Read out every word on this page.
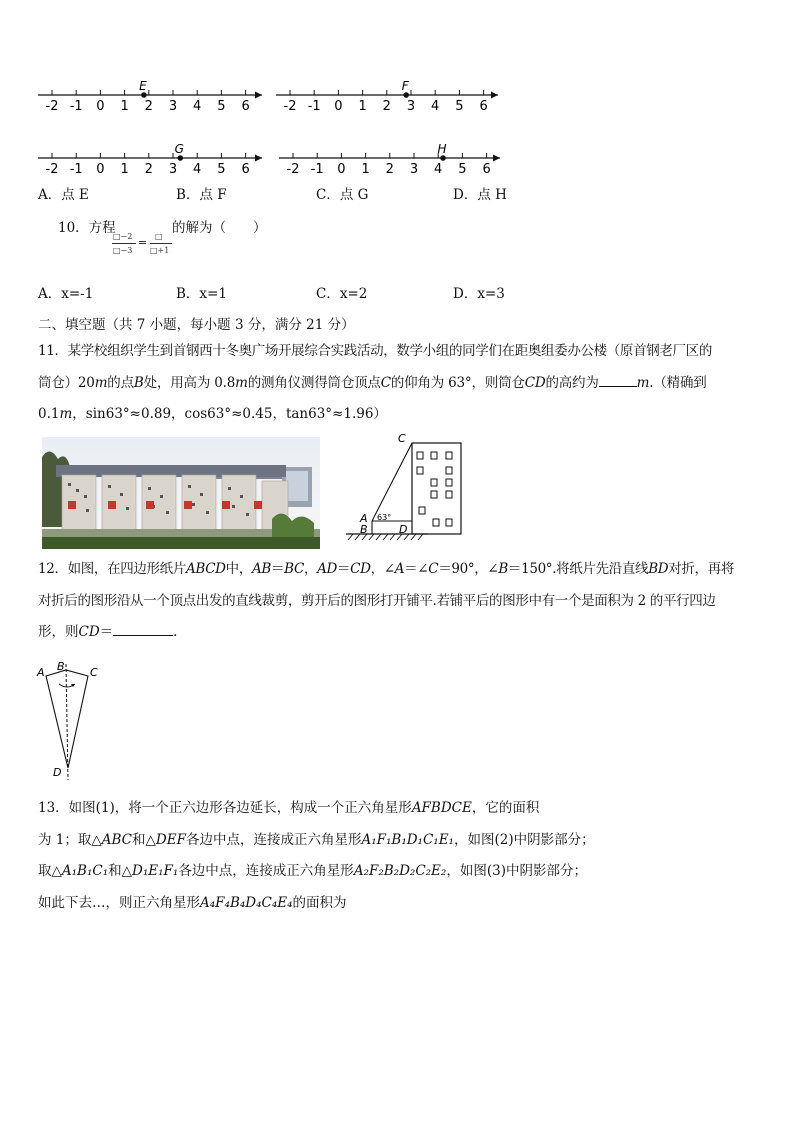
-2 -1 0 1 2 3 4 5 6
E
-2 -1 0 1 2 3 4 5 6
F
-2 -1 0 1 2 3 4 5 6
G
-2 -1 0 1 2 3 4 5 6
H
A．点 E	B．点 F	C．点 G	D．点 H
10．方程
□−2
□−3
= □
□+1
的解为（　　）
A．x=-1	B．x=1	C．x=2	D．x=3
二、填空题（共 7 小题，每小题 3 分，满分 21 分）
11．某学校组织学生到首钢西十冬奥广场开展综合实践活动，数学小组的同学们在距奥组委办公楼（原首钢老厂区的
筒仓）20m的点B处，用高为 0.8m的测角仪测得筒仓顶点C的仰角为 63°，则筒仓CD的高约为	m.（精确到
0.1m，sin63°≈0.89，cos63°≈0.45，tan63°≈1.96）
C
A
B	D
63°
12．如图，在四边形纸片ABCD中，AB＝BC，AD＝CD，∠A＝∠C＝90°，∠B＝150°.将纸片先沿直线BD对折，再将
对折后的图形沿从一个顶点出发的直线裁剪，剪开后的图形打开铺平.若铺平后的图形中有一个是面积为 2 的平行四边
形，则CD＝	.
A B C
D
13．如图(1)，将一个正六边形各边延长，构成一个正六角星形AFBDCE，它的面积
为 1；取△ABC和△DEF各边中点，连接成正六角星形A₁F₁B₁D₁C₁E₁，如图(2)中阴影部分；
取△A₁B₁C₁和△D₁E₁F₁各边中点，连接成正六角星形A₂F₂B₂D₂C₂E₂，如图(3)中阴影部分；
如此下去…，则正六角星形A₄F₄B₄D₄C₄E₄的面积为
